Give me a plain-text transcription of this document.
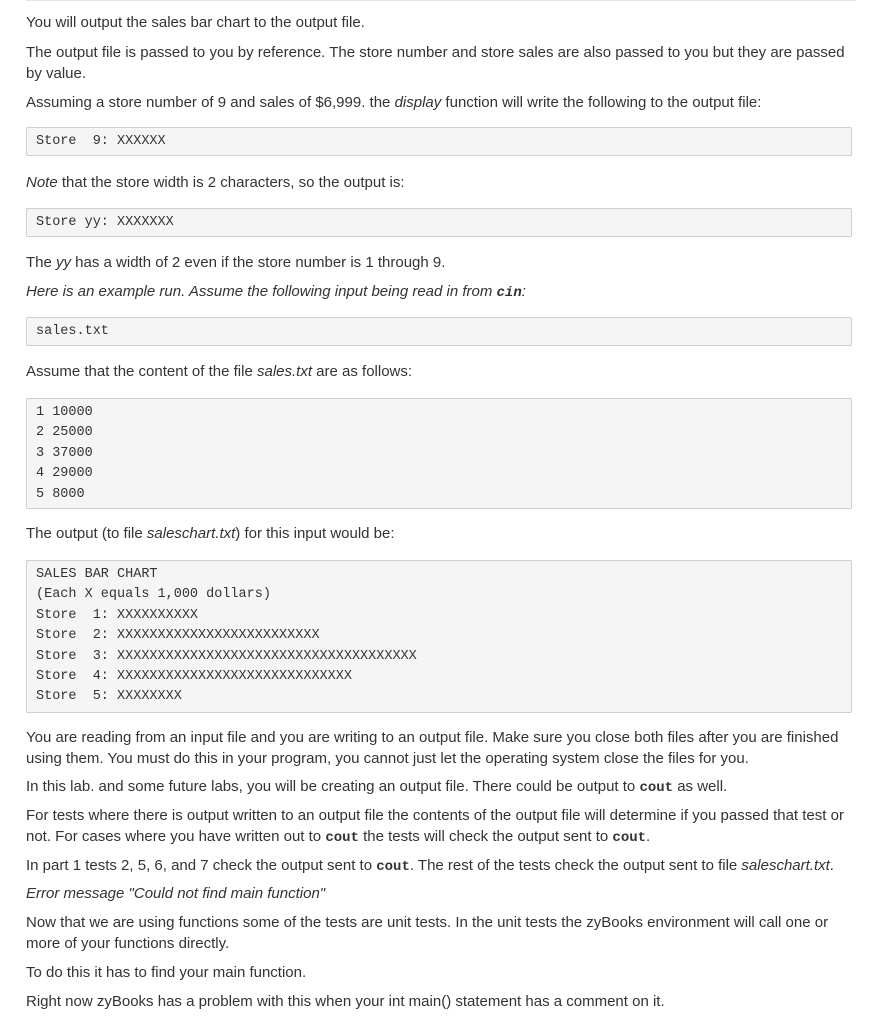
You will output the sales bar chart to the output file.

The output file is passed to you by reference. The store number and store sales are also passed to you but they are passed by value.

Assuming a store number of 9 and sales of $6,999. the display function will write the following to the output file:

Store  9: XXXXXX

Note that the store width is 2 characters, so the output is:

Store yy: XXXXXXX

The yy has a width of 2 even if the store number is 1 through 9.

Here is an example run. Assume the following input being read in from cin:

sales.txt

Assume that the content of the file sales.txt are as follows:

1 10000
2 25000
3 37000
4 29000
5 8000

The output (to file saleschart.txt) for this input would be:

SALES BAR CHART
(Each X equals 1,000 dollars)
Store  1: XXXXXXXXXX
Store  2: XXXXXXXXXXXXXXXXXXXXXXXXX
Store  3: XXXXXXXXXXXXXXXXXXXXXXXXXXXXXXXXXXXXX
Store  4: XXXXXXXXXXXXXXXXXXXXXXXXXXXXX
Store  5: XXXXXXXX

You are reading from an input file and you are writing to an output file. Make sure you close both files after you are finished using them. You must do this in your program, you cannot just let the operating system close the files for you.

In this lab. and some future labs, you will be creating an output file. There could be output to cout as well.

For tests where there is output written to an output file the contents of the output file will determine if you passed that test or not. For cases where you have written out to cout the tests will check the output sent to cout.

In part 1 tests 2, 5, 6, and 7 check the output sent to cout. The rest of the tests check the output sent to file saleschart.txt.

Error message "Could not find main function"

Now that we are using functions some of the tests are unit tests. In the unit tests the zyBooks environment will call one or more of your functions directly.

To do this it has to find your main function.

Right now zyBooks has a problem with this when your int main() statement has a comment on it.
